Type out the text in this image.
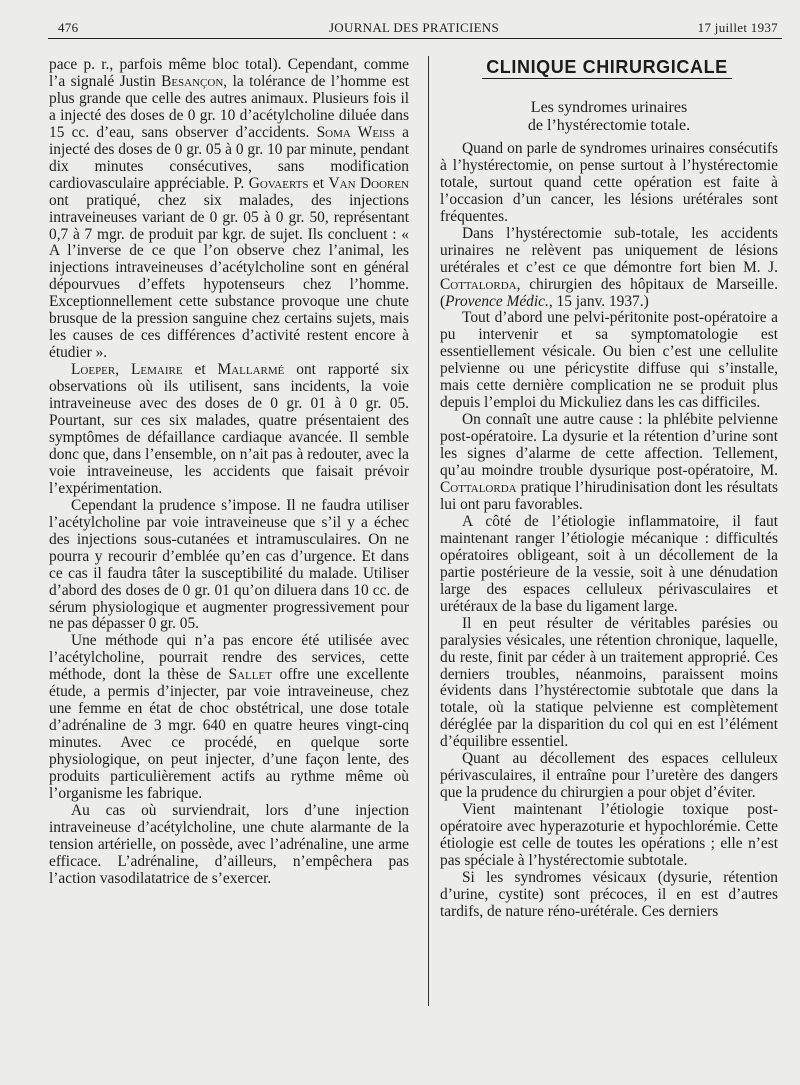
476	JOURNAL DES PRATICIENS	17 juillet 1937

pace p. r., parfois même bloc total). Cependant, comme l’a signalé Justin Besançon, la tolérance de l’homme est plus grande que celle des autres animaux. Plusieurs fois il a injecté des doses de 0 gr. 10 d’acétylcholine diluée dans 15 cc. d’eau, sans observer d’accidents. Soma Weiss a injecté des doses de 0 gr. 05 à 0 gr. 10 par minute, pendant dix minutes consécutives, sans modification cardiovasculaire appréciable. P. Govaerts et Van Dooren ont pratiqué, chez six malades, des injections intraveineuses variant de 0 gr. 05 à 0 gr. 50, représentant 0,7 à 7 mgr. de produit par kgr. de sujet. Ils concluent : « A l’inverse de ce que l’on observe chez l’animal, les injections intraveineuses d’acétylcholine sont en général dépourvues d’effets hypotenseurs chez l’homme. Exceptionnellement cette substance provoque une chute brusque de la pression sanguine chez certains sujets, mais les causes de ces différences d’activité restent encore à étudier ».

Loeper, Lemaire et Mallarmé ont rapporté six observations où ils utilisent, sans incidents, la voie intraveineuse avec des doses de 0 gr. 01 à 0 gr. 05. Pourtant, sur ces six malades, quatre présentaient des symptômes de défaillance cardiaque avancée. Il semble donc que, dans l’ensemble, on n’ait pas à redouter, avec la voie intraveineuse, les accidents que faisait prévoir l’expérimentation.

Cependant la prudence s’impose. Il ne faudra utiliser l’acétylcholine par voie intraveineuse que s’il y a échec des injections sous-cutanées et intramusculaires. On ne pourra y recourir d’emblée qu’en cas d’urgence. Et dans ce cas il faudra tâter la susceptibilité du malade. Utiliser d’abord des doses de 0 gr. 01 qu’on diluera dans 10 cc. de sérum physiologique et augmenter progressivement pour ne pas dépasser 0 gr. 05.

Une méthode qui n’a pas encore été utilisée avec l’acétylcholine, pourrait rendre des services, cette méthode, dont la thèse de Sallet offre une excellente étude, a permis d’injecter, par voie intraveineuse, chez une femme en état de choc obstétrical, une dose totale d’adrénaline de 3 mgr. 640 en quatre heures vingt-cinq minutes. Avec ce procédé, en quelque sorte physiologique, on peut injecter, d’une façon lente, des produits particulièrement actifs au rythme même où l’organisme les fabrique.

Au cas où surviendrait, lors d’une injection intraveineuse d’acétylcholine, une chute alarmante de la tension artérielle, on possède, avec l’adrénaline, une arme efficace. L’adrénaline, d’ailleurs, n’empêchera pas l’action vasodilatatrice de s’exercer.

CLINIQUE CHIRURGICALE
Les syndromes urinaires
de l’hystérectomie totale.

Quand on parle de syndromes urinaires consécutifs à l’hystérectomie, on pense surtout à l’hystérectomie totale, surtout quand cette opération est faite à l’occasion d’un cancer, les lésions urétérales sont fréquentes.

Dans l’hystérectomie sub-totale, les accidents urinaires ne relèvent pas uniquement de lésions urétérales et c’est ce que démontre fort bien M. J. Cottalorda, chirurgien des hôpitaux de Marseille. (Provence Médic., 15 janv. 1937.)

Tout d’abord une pelvi-péritonite post-opératoire a pu intervenir et sa symptomatologie est essentiellement vésicale. Ou bien c’est une cellulite pelvienne ou une péricystite diffuse qui s’installe, mais cette dernière complication ne se produit plus depuis l’emploi du Mickuliez dans les cas difficiles.

On connaît une autre cause : la phlébite pelvienne post-opératoire. La dysurie et la rétention d’urine sont les signes d’alarme de cette affection. Tellement, qu’au moindre trouble dysurique post-opératoire, M. Cottalorda pratique l’hirudinisation dont les résultats lui ont paru favorables.

A côté de l’étiologie inflammatoire, il faut maintenant ranger l’étiologie mécanique : difficultés opératoires obligeant, soit à un décollement de la partie postérieure de la vessie, soit à une dénudation large des espaces celluleux périvasculaires et urétéraux de la base du ligament large.

Il en peut résulter de véritables parésies ou paralysies vésicales, une rétention chronique, laquelle, du reste, finit par céder à un traitement approprié. Ces derniers troubles, néanmoins, paraissent moins évidents dans l’hystérectomie subtotale que dans la totale, où la statique pelvienne est complètement déréglée par la disparition du col qui en est l’élément d’équilibre essentiel.

Quant au décollement des espaces celluleux périvasculaires, il entraîne pour l’uretère des dangers que la prudence du chirurgien a pour objet d’éviter.

Vient maintenant l’étiologie toxique post-opératoire avec hyperazoturie et hypochlorémie. Cette étiologie est celle de toutes les opérations ; elle n’est pas spéciale à l’hystérectomie subtotale.

Si les syndromes vésicaux (dysurie, rétention d’urine, cystite) sont précoces, il en est d’autres tardifs, de nature réno-urétérale. Ces derniers
